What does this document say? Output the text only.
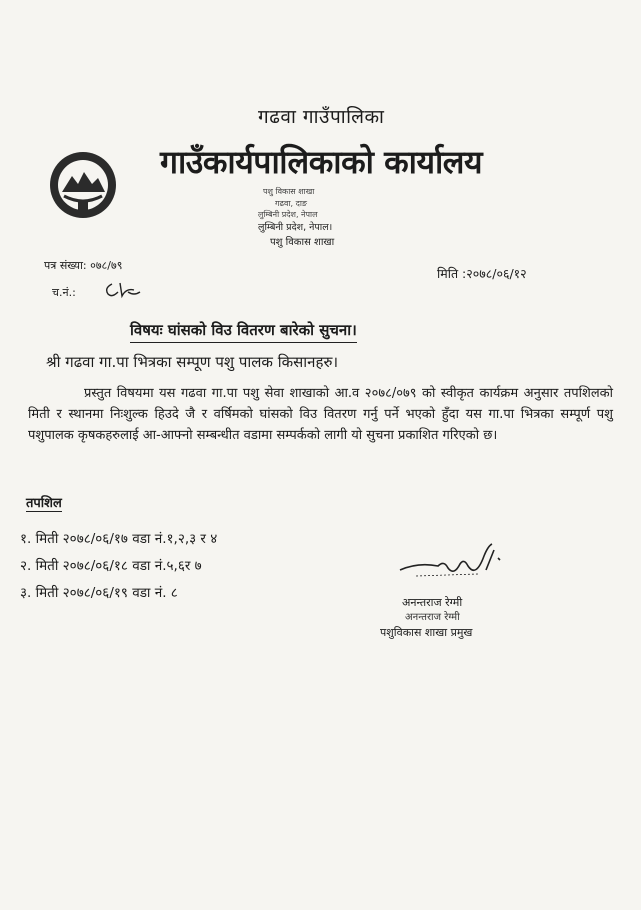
गढवा गाउँपालिका
गाउँकार्यपालिकाको कार्यालय
पशु विकास शाखा
गढवा, दाङ
लुम्बिनी प्रदेश, नेपाल
लुम्बिनी प्रदेश, नेपाल।
पशु विकास शाखा
पत्र संख्या: ०७८/७९
मिति :२०७८/०६/१२
च.नं.:
विषयः घांसको विउ वितरण बारेको सुचना।
श्री गढवा गा.पा भित्रका सम्पूण पशु पालक किसानहरु।
प्रस्तुत विषयमा यस गढवा गा.पा पशु सेवा शाखाको आ.व २०७८/०७९ को स्वीकृत कार्यक्रम अनुसार तपशिलको मिती र स्थानमा निःशुल्क हिउदे जै र वर्षिमको घांसको विउ वितरण गर्नु पर्ने भएको हुँदा यस गा.पा भित्रका सम्पूर्ण पशु पशुपालक कृषकहरुलाई आ-आफ्नो सम्बन्धीत वडामा सम्पर्कको लागी यो सुचना प्रकाशित गरिएको छ।
तपशिल
१. मिती २०७८/०६/१७ वडा नं.१,२,३ र ४
२. मिती २०७८/०६/१८ वडा नं.५,६र ७
३. मिती २०७८/०६/१९ वडा नं. ८
अनन्तराज रेग्मी
अनन्तराज रेग्मी
पशुविकास शाखा प्रमुख
